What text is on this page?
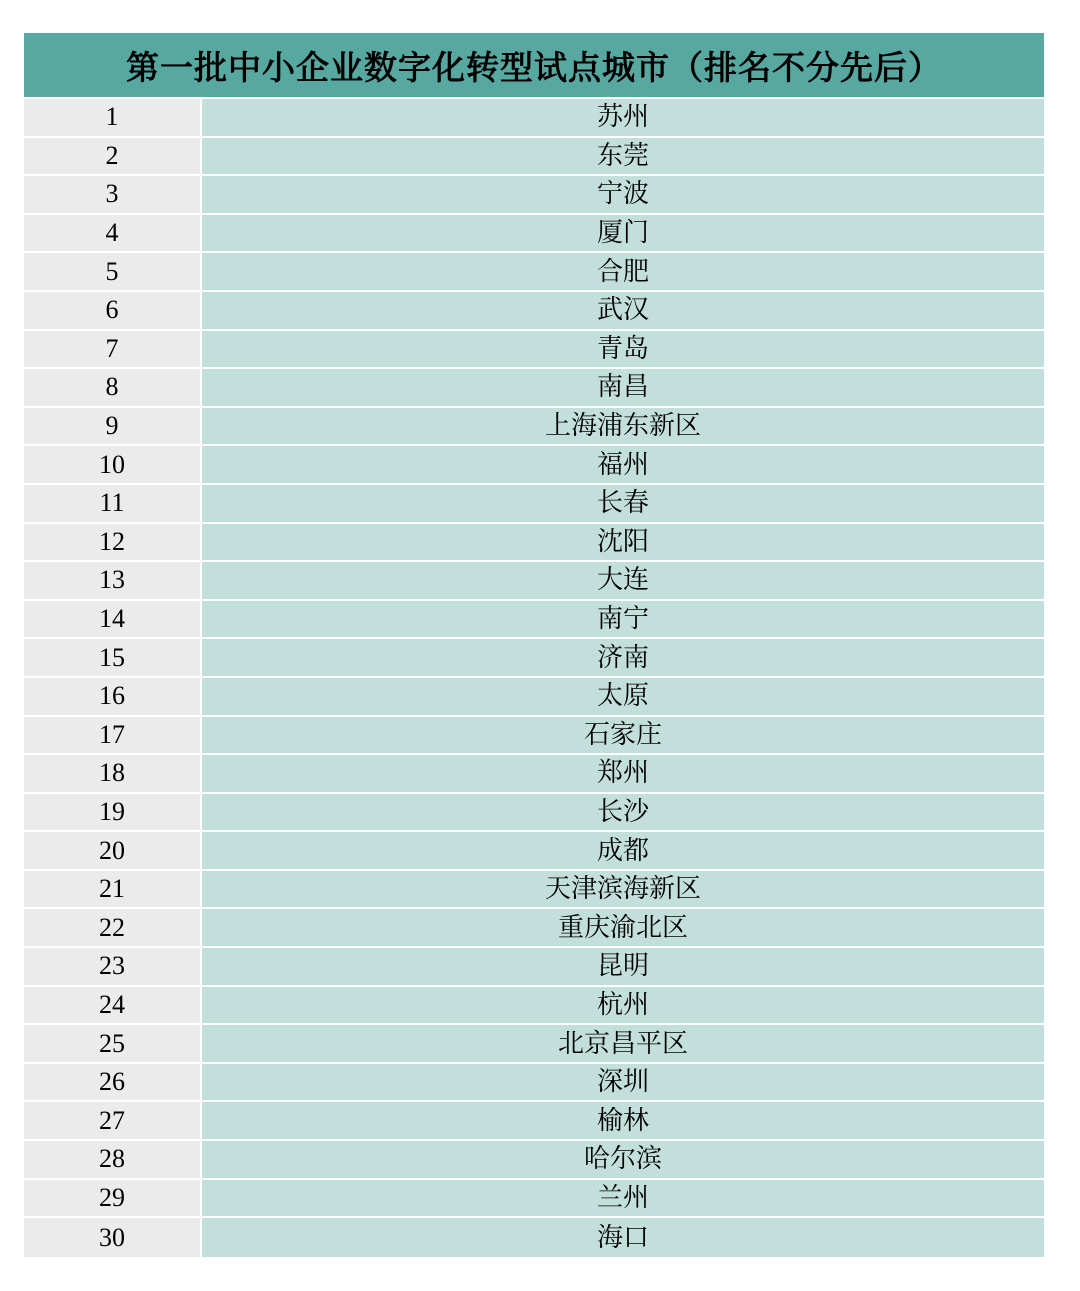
第一批中小企业数字化转型试点城市（排名不分先后）
1	苏州
2	东莞
3	宁波
4	厦门
5	合肥
6	武汉
7	青岛
8	南昌
9	上海浦东新区
10	福州
11	长春
12	沈阳
13	大连
14	南宁
15	济南
16	太原
17	石家庄
18	郑州
19	长沙
20	成都
21	天津滨海新区
22	重庆渝北区
23	昆明
24	杭州
25	北京昌平区
26	深圳
27	榆林
28	哈尔滨
29	兰州
30	海口
